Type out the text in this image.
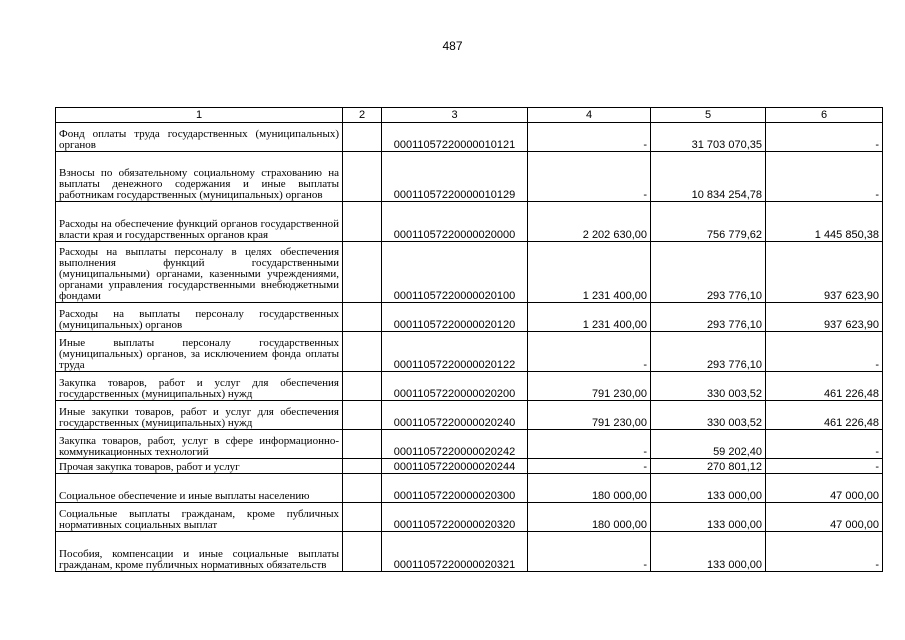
487
1	2	3	4	5	6
Фонд оплаты труда государственных (муниципальных) органов		00011057220000010121	-	31 703 070,35	-
Взносы по обязательному социальному страхованию на выплаты денежного содержания и иные выплаты работникам государственных (муниципальных) органов		00011057220000010129	-	10 834 254,78	-
Расходы на обеспечение функций органов государственной власти края и государственных органов края		00011057220000020000	2 202 630,00	756 779,62	1 445 850,38
Расходы на выплаты персоналу в целях обеспечения выполнения функций государственными (муниципальными) органами, казенными учреждениями, органами управления государственными внебюджетными фондами		00011057220000020100	1 231 400,00	293 776,10	937 623,90
Расходы на выплаты персоналу государственных (муниципальных) органов		00011057220000020120	1 231 400,00	293 776,10	937 623,90
Иные выплаты персоналу государственных (муниципальных) органов, за исключением фонда оплаты труда		00011057220000020122	-	293 776,10	-
Закупка товаров, работ и услуг для обеспечения государственных (муниципальных) нужд		00011057220000020200	791 230,00	330 003,52	461 226,48
Иные закупки товаров, работ и услуг для обеспечения государственных (муниципальных) нужд		00011057220000020240	791 230,00	330 003,52	461 226,48
Закупка товаров, работ, услуг в сфере информационно-коммуникационных технологий		00011057220000020242	-	59 202,40	-
Прочая закупка товаров, работ и услуг		00011057220000020244	-	270 801,12	-
Социальное обеспечение и иные выплаты населению		00011057220000020300	180 000,00	133 000,00	47 000,00
Социальные выплаты гражданам, кроме публичных нормативных социальных выплат		00011057220000020320	180 000,00	133 000,00	47 000,00
Пособия, компенсации и иные социальные выплаты гражданам, кроме публичных нормативных обязательств		00011057220000020321	-	133 000,00	-
